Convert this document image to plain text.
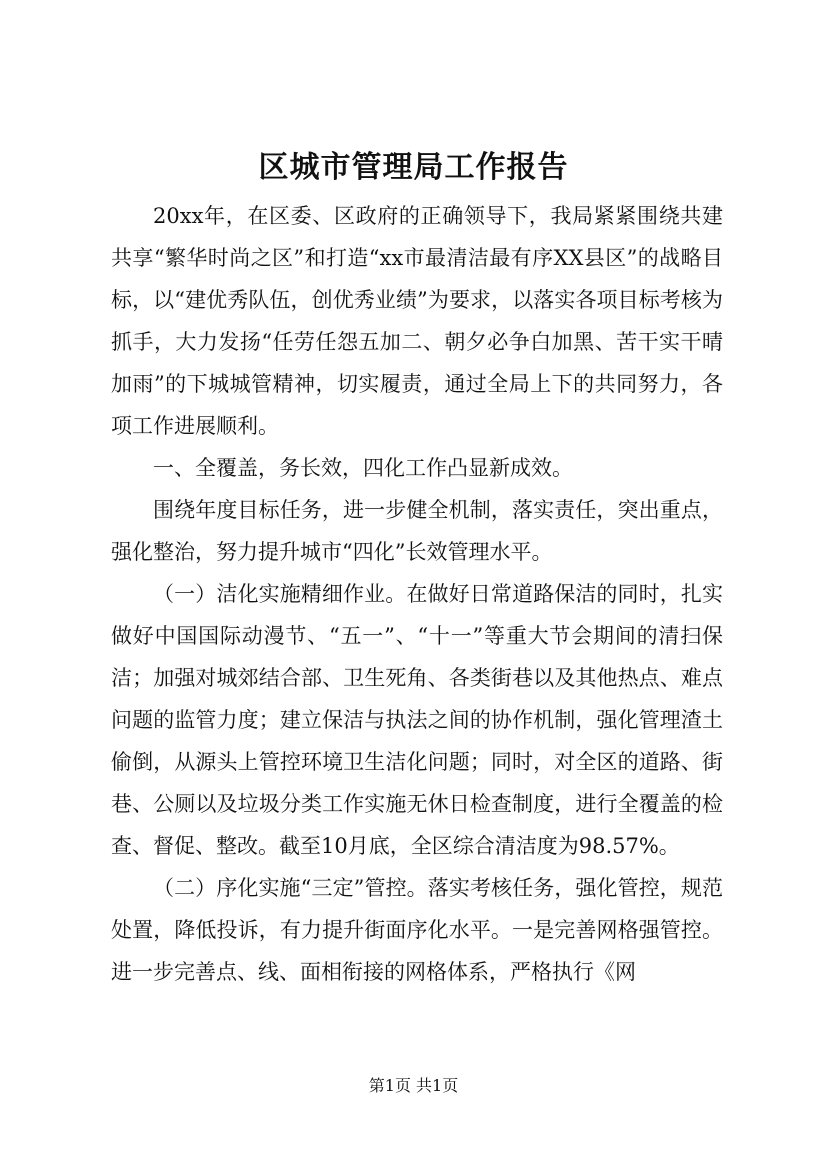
区城市管理局工作报告

20xx年，在区委、区政府的正确领导下，我局紧紧围绕共建共享“繁华时尚之区”和打造“xx市最清洁最有序XX县区”的战略目标，以“建优秀队伍，创优秀业绩”为要求，以落实各项目标考核为抓手，大力发扬“任劳任怨五加二、朝夕必争白加黑、苦干实干晴加雨”的下城城管精神，切实履责，通过全局上下的共同努力，各项工作进展顺利。

一、全覆盖，务长效，四化工作凸显新成效。

围绕年度目标任务，进一步健全机制，落实责任，突出重点，强化整治，努力提升城市“四化”长效管理水平。

（一）洁化实施精细作业。在做好日常道路保洁的同时，扎实做好中国国际动漫节、“五一”、“十一”等重大节会期间的清扫保洁；加强对城郊结合部、卫生死角、各类街巷以及其他热点、难点问题的监管力度；建立保洁与执法之间的协作机制，强化管理渣土偷倒，从源头上管控环境卫生洁化问题；同时，对全区的道路、街巷、公厕以及垃圾分类工作实施无休日检查制度，进行全覆盖的检查、督促、整改。截至10月底，全区综合清洁度为98.57%。

（二）序化实施“三定”管控。落实考核任务，强化管控，规范处置，降低投诉，有力提升街面序化水平。一是完善网格强管控。进一步完善点、线、面相衔接的网格体系，严格执行《网

第1页 共1页
